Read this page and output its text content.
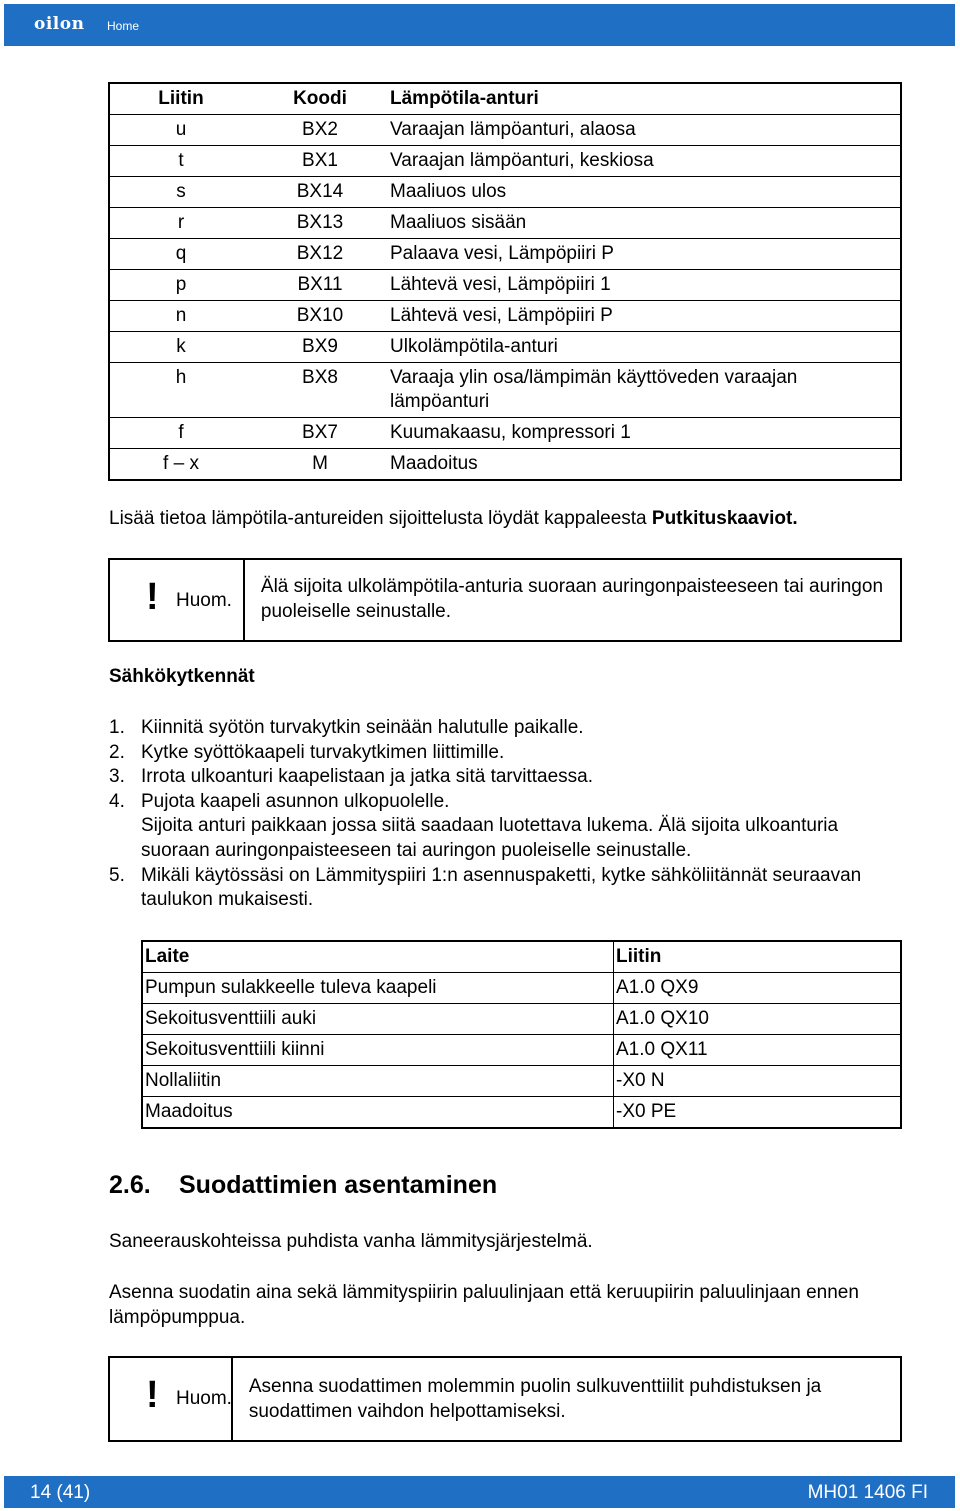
oilon Home
Liitin	Koodi	Lämpötila-anturi
u	BX2	Varaajan lämpöanturi, alaosa
t	BX1	Varaajan lämpöanturi, keskiosa
s	BX14	Maaliuos ulos
r	BX13	Maaliuos sisään
q	BX12	Palaava vesi, Lämpöpiiri P
p	BX11	Lähtevä vesi, Lämpöpiiri 1
n	BX10	Lähtevä vesi, Lämpöpiiri P
k	BX9	Ulkolämpötila-anturi
h	BX8	Varaaja ylin osa/lämpimän käyttöveden varaajan lämpöanturi
f	BX7	Kuumakaasu, kompressori 1
f – x	M	Maadoitus
Lisää tietoa lämpötila-antureiden sijoittelusta löydät kappaleesta Putkituskaaviot.
! Huom.
Älä sijoita ulkolämpötila-anturia suoraan auringonpaisteeseen tai auringon puoleiselle seinustalle.
Sähkökytkennät
1. Kiinnitä syötön turvakytkin seinään halutulle paikalle.
2. Kytke syöttökaapeli turvakytkimen liittimille.
3. Irrota ulkoanturi kaapelistaan ja jatka sitä tarvittaessa.
4. Pujota kaapeli asunnon ulkopuolelle.
Sijoita anturi paikkaan jossa siitä saadaan luotettava lukema. Älä sijoita ulkoanturia suoraan auringonpaisteeseen tai auringon puoleiselle seinustalle.
5. Mikäli käytössäsi on Lämmityspiiri 1:n asennuspaketti, kytke sähköliitännät seuraavan taulukon mukaisesti.
Laite	Liitin
Pumpun sulakkeelle tuleva kaapeli	A1.0 QX9
Sekoitusventtiili auki	A1.0 QX10
Sekoitusventtiili kiinni	A1.0 QX11
Nollaliitin	-X0 N
Maadoitus	-X0 PE
2.6. Suodattimien asentaminen
Saneerauskohteissa puhdista vanha lämmitysjärjestelmä.
Asenna suodatin aina sekä lämmityspiirin paluulinjaan että keruupiirin paluulinjaan ennen lämpöpumppua.
! Huom.
Asenna suodattimen molemmin puolin sulkuventtiilit puhdistuksen ja suodattimen vaihdon helpottamiseksi.
14 (41)	MH01 1406 FI
